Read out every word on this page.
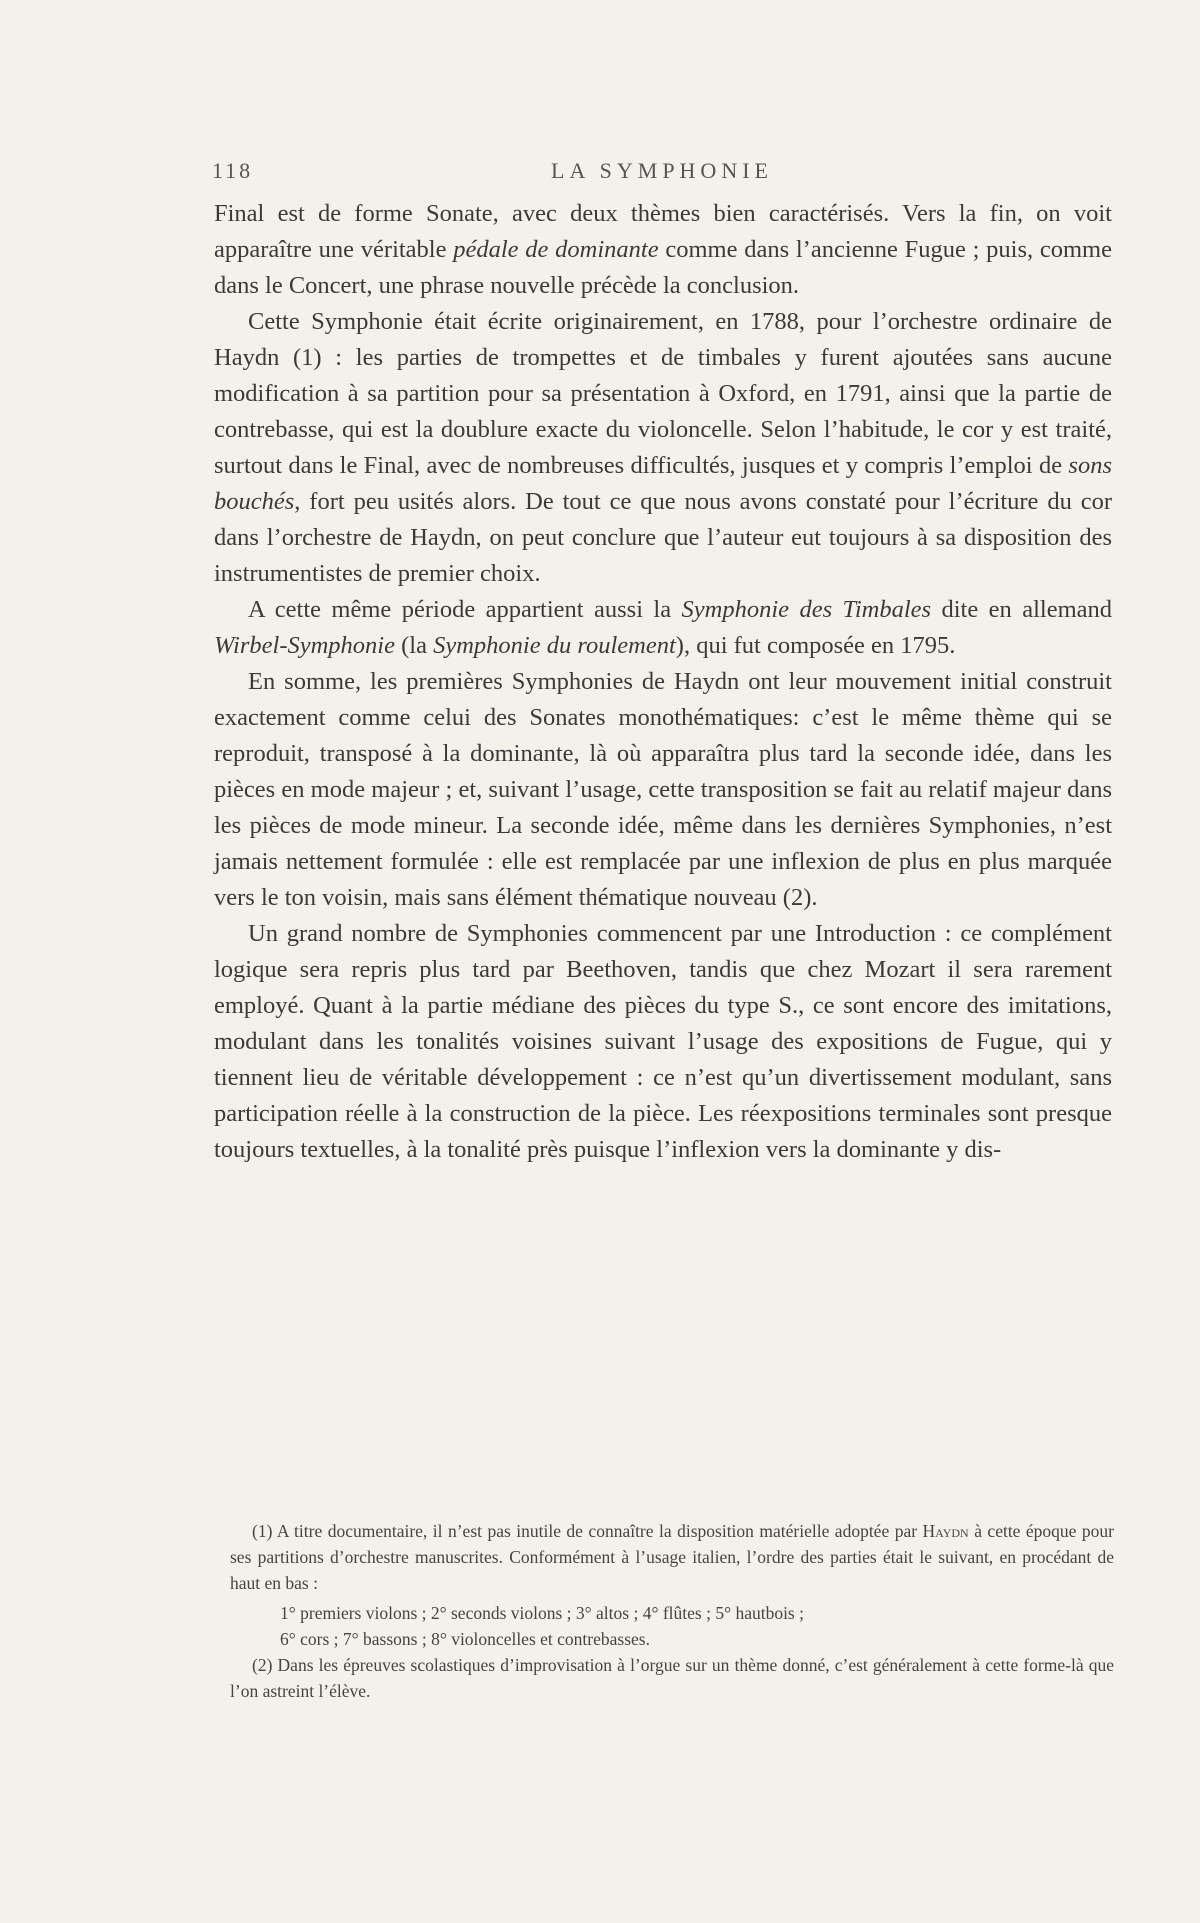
118	LA SYMPHONIE

Final est de forme Sonate, avec deux thèmes bien caractérisés. Vers la fin, on voit apparaître une véritable pédale de dominante comme dans l’ancienne Fugue ; puis, comme dans le Concert, une phrase nouvelle précède la conclusion.

Cette Symphonie était écrite originairement, en 1788, pour l’orchestre ordinaire de Haydn (1) : les parties de trompettes et de timbales y furent ajoutées sans aucune modification à sa partition pour sa présentation à Oxford, en 1791, ainsi que la partie de contrebasse, qui est la doublure exacte du violoncelle. Selon l’habitude, le cor y est traité, surtout dans le Final, avec de nombreuses difficultés, jusques et y compris l’emploi de sons bouchés, fort peu usités alors. De tout ce que nous avons constaté pour l’écriture du cor dans l’orchestre de Haydn, on peut conclure que l’auteur eut toujours à sa disposition des instrumentistes de premier choix.

A cette même période appartient aussi la Symphonie des Timbales dite en allemand Wirbel-Symphonie (la Symphonie du roulement), qui fut composée en 1795.

En somme, les premières Symphonies de Haydn ont leur mouvement initial construit exactement comme celui des Sonates monothématiques: c’est le même thème qui se reproduit, transposé à la dominante, là où apparaîtra plus tard la seconde idée, dans les pièces en mode majeur ; et, suivant l’usage, cette transposition se fait au relatif majeur dans les pièces de mode mineur. La seconde idée, même dans les dernières Symphonies, n’est jamais nettement formulée : elle est remplacée par une inflexion de plus en plus marquée vers le ton voisin, mais sans élément thématique nouveau (2).

Un grand nombre de Symphonies commencent par une Introduction : ce complément logique sera repris plus tard par Beethoven, tandis que chez Mozart il sera rarement employé. Quant à la partie médiane des pièces du type S., ce sont encore des imitations, modulant dans les tonalités voisines suivant l’usage des expositions de Fugue, qui y tiennent lieu de véritable développement : ce n’est qu’un divertissement modulant, sans participation réelle à la construction de la pièce. Les réexpositions terminales sont presque toujours textuelles, à la tonalité près puisque l’inflexion vers la dominante y dis-

(1) A titre documentaire, il n’est pas inutile de connaître la disposition matérielle adoptée par Haydn à cette époque pour ses partitions d’orchestre manuscrites. Conformément à l’usage italien, l’ordre des parties était le suivant, en procédant de haut en bas :

1° premiers violons ; 2° seconds violons ; 3° altos ; 4° flûtes ; 5° hautbois ;

6° cors ; 7° bassons ; 8° violoncelles et contrebasses.

(2) Dans les épreuves scolastiques d’improvisation à l’orgue sur un thème donné, c’est généralement à cette forme-là que l’on astreint l’élève.
